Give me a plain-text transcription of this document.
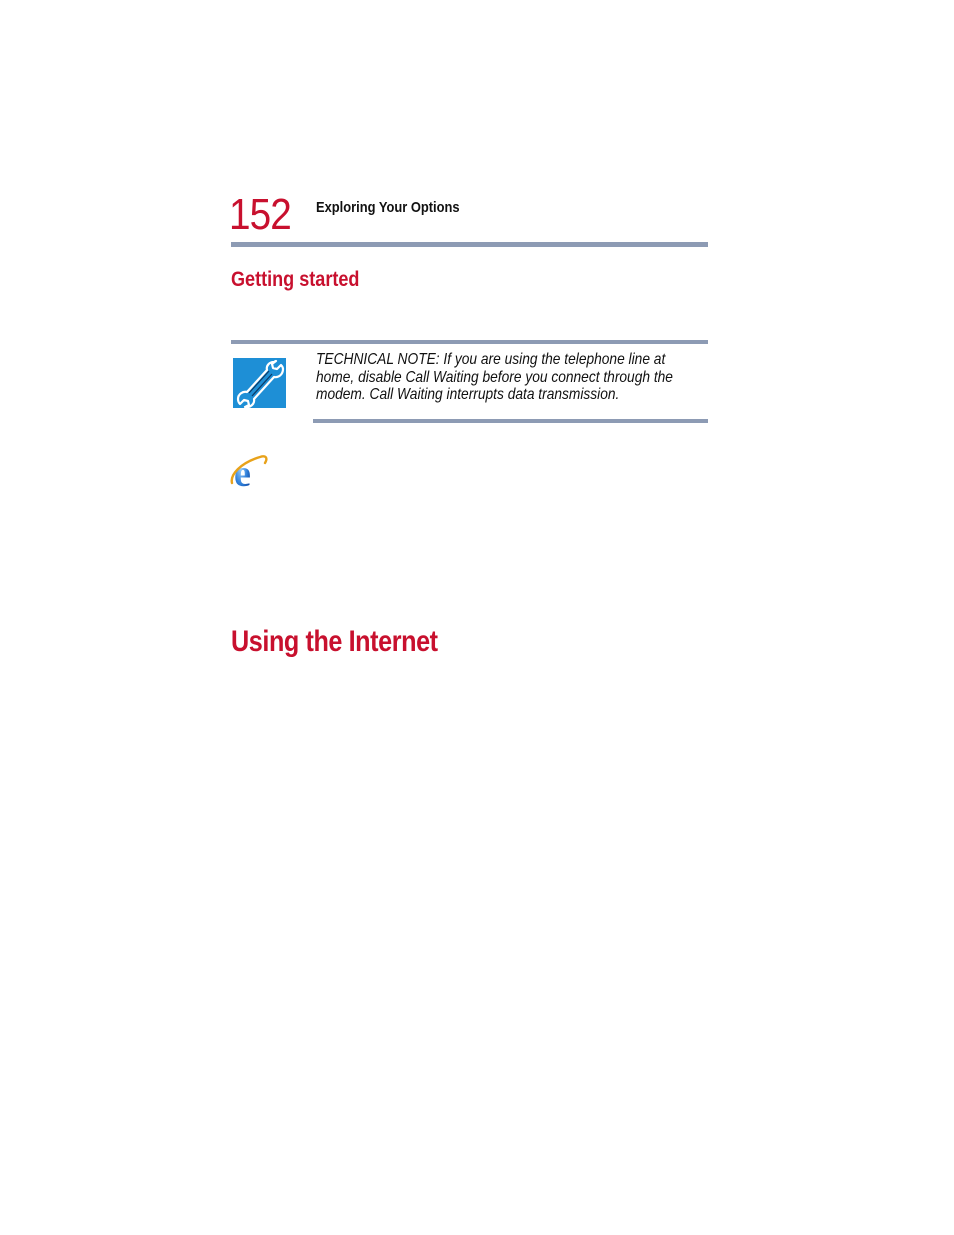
152 Exploring Your Options
Getting started
TECHNICAL NOTE: If you are using the telephone line at
home, disable Call Waiting before you connect through the
modem. Call Waiting interrupts data transmission.
e
Using the Internet
